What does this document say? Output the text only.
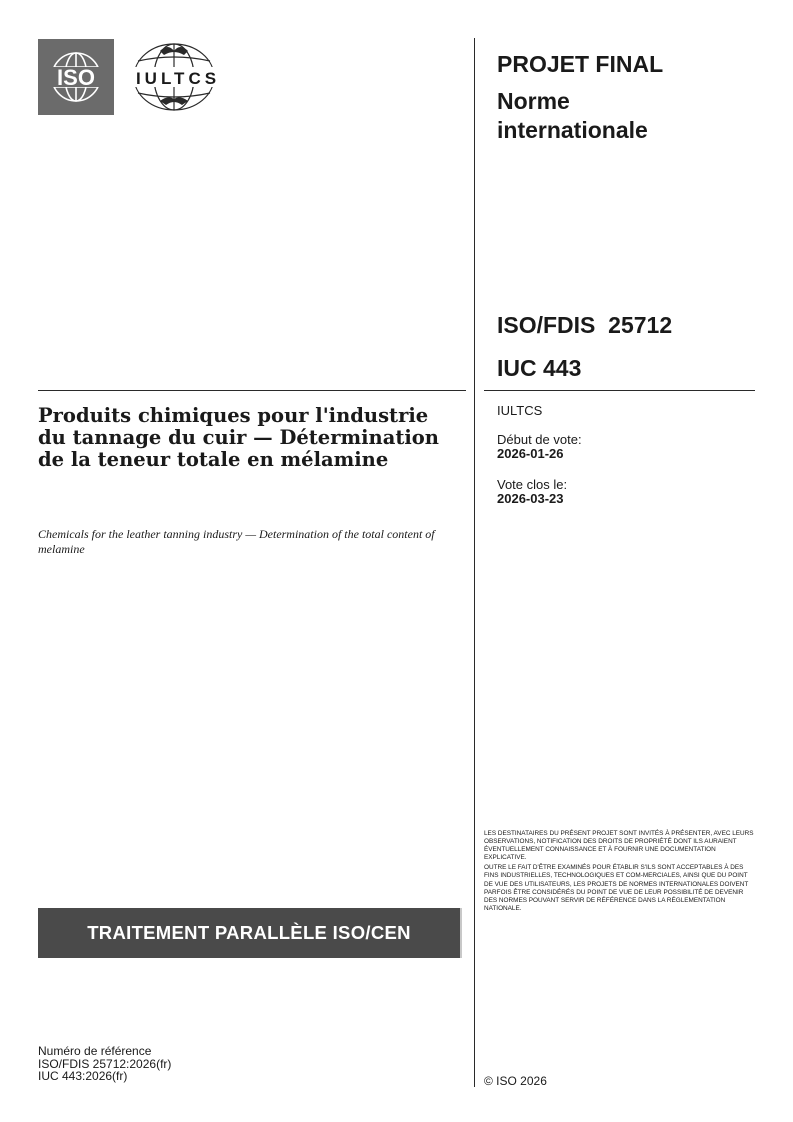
ISO IULTCS
PROJET FINAL
Norme
internationale
ISO/FDIS  25712
IUC 443
IULTCS
Début de vote:
2026-01-26
Vote clos le:
2026-03-23

LES DESTINATAIRES DU PRÉSENT PROJET SONT INVITÉS À PRÉSENTER, AVEC LEURS OBSERVATIONS, NOTIFICATION DES DROITS DE PROPRIÉTÉ DONT ILS AURAIENT ÉVENTUELLEMENT CONNAISSANCE ET À FOURNIR UNE DOCUMENTATION EXPLICATIVE.

OUTRE LE FAIT D'ÊTRE EXAMINÉS POUR ÉTABLIR S'ILS SONT ACCEPTABLES À DES FINS INDUSTRIELLES, TECHNOLOGIQUES ET COM-MERCIALES, AINSI QUE DU POINT DE VUE DES UTILISATEURS, LES PROJETS DE NORMES INTERNATIONALES DOIVENT PARFOIS ÊTRE CONSIDÉRÉS DU POINT DE VUE DE LEUR POSSIBILITÉ DE DEVENIR DES NORMES POUVANT SERVIR DE RÉFÉRENCE DANS LA RÉGLEMENTATION NATIONALE.

© ISO 2026
Produits chimiques pour l'industrie du tannage du cuir — Détermination de la teneur totale en mélamine
Chemicals for the leather tanning industry — Determination of the total content of melamine
TRAITEMENT PARALLÈLE ISO/CEN
Numéro de référence
ISO/FDIS 25712:2026(fr)
IUC 443:2026(fr)
